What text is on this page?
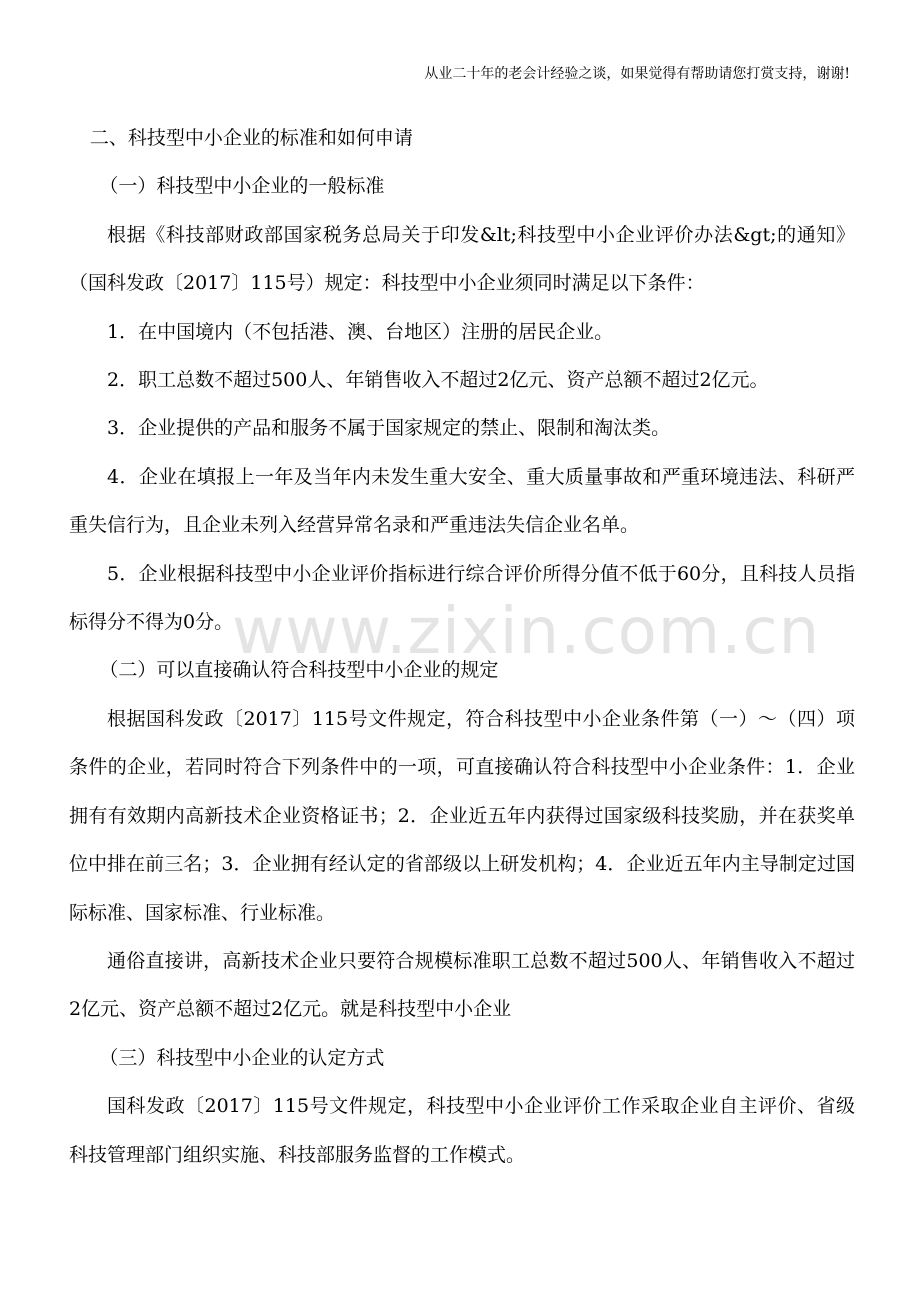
从业二十年的老会计经验之谈，如果觉得有帮助请您打赏支持，谢谢!
www.zixin.com.cn

二、科技型中小企业的标准和如何申请

（一）科技型中小企业的一般标准

根据《科技部财政部国家税务总局关于印发&lt;科技型中小企业评价办法&gt;的通知》（国科发政〔2017〕115号）规定：科技型中小企业须同时满足以下条件：

1．在中国境内（不包括港、澳、台地区）注册的居民企业。

2．职工总数不超过500人、年销售收入不超过2亿元、资产总额不超过2亿元。

3．企业提供的产品和服务不属于国家规定的禁止、限制和淘汰类。

4．企业在填报上一年及当年内未发生重大安全、重大质量事故和严重环境违法、科研严重失信行为，且企业未列入经营异常名录和严重违法失信企业名单。

5．企业根据科技型中小企业评价指标进行综合评价所得分值不低于60分，且科技人员指标得分不得为0分。

（二）可以直接确认符合科技型中小企业的规定

根据国科发政〔2017〕115号文件规定，符合科技型中小企业条件第（一）～（四）项条件的企业，若同时符合下列条件中的一项，可直接确认符合科技型中小企业条件：1．企业拥有有效期内高新技术企业资格证书；2．企业近五年内获得过国家级科技奖励，并在获奖单位中排在前三名；3．企业拥有经认定的省部级以上研发机构；4．企业近五年内主导制定过国际标准、国家标准、行业标准。

通俗直接讲，高新技术企业只要符合规模标准职工总数不超过500人、年销售收入不超过2亿元、资产总额不超过2亿元。就是科技型中小企业

（三）科技型中小企业的认定方式

国科发政〔2017〕115号文件规定，科技型中小企业评价工作采取企业自主评价、省级科技管理部门组织实施、科技部服务监督的工作模式。
